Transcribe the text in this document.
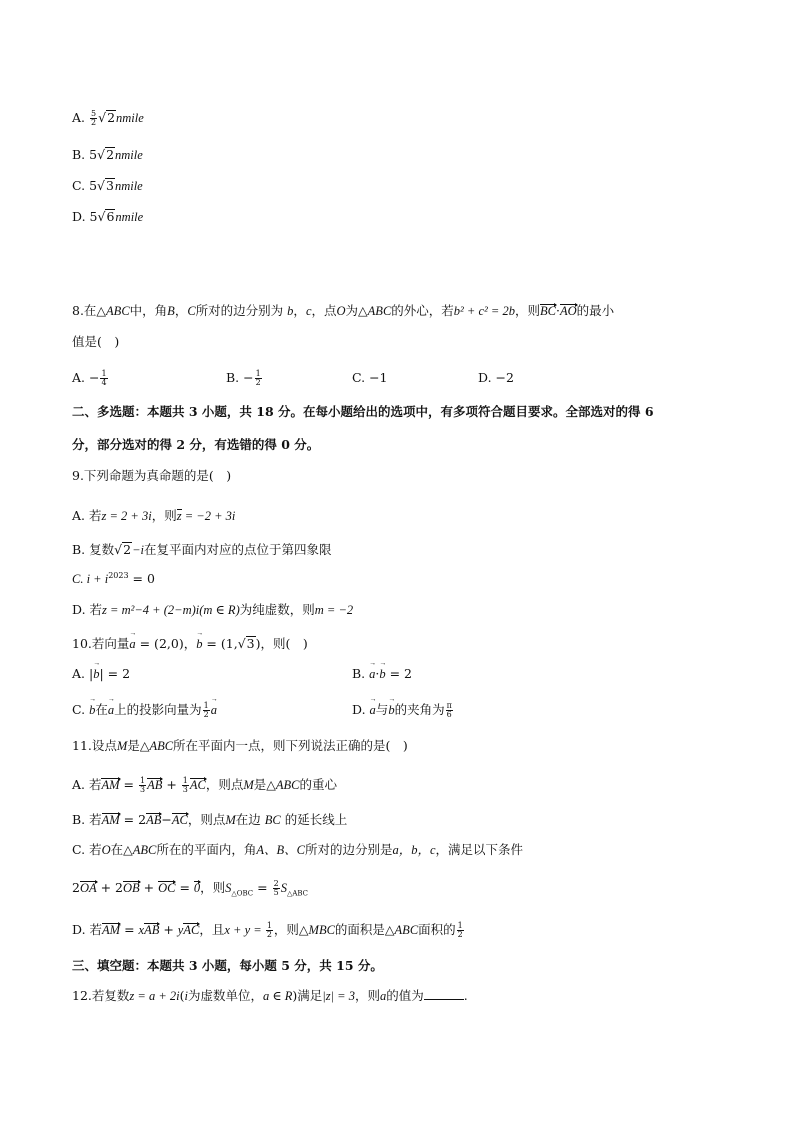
A. $\frac{5}{2}$ √2nmile
B. 5√2nmile
C. 5√3nmile
D. 5√6nmile
8.在△ABC中，角B，C所对的边分别为 b，c，点O为△ABC的外心，若b² + c² = 2b，则BC·AO的最小
值是(　)
A. − $\frac{1}{4}$	B. − $\frac{1}{2}$	C. −1	D. −2
二、多选题：本题共 3 小题，共 18 分。在每小题给出的选项中，有多项符合题目要求。全部选对的得 6
分，部分选对的得 2 分，有选错的得 0 分。
9.下列命题为真命题的是(　)
A. 若z = 2 + 3i，则z = −2 + 3i
B. 复数√2−i在复平面内对应的点位于第四象限
C. $i + i^{2023} = 0$
D. 若z = m²−4 + (2−m)i(m ∈ R)为纯虚数，则m = −2
10.若向量→ a = (2,0)，→ b = (1,√3)，则(　)
A. |→ b| = 2	B. → a·→ b = 2
C. → b在→ a上的投影向量为 $\frac{1}{2}$
→ a	D. → a与→ b的夹角为 $\frac{\pi}{6}$
11.设点M是△ABC所在平面内一点，则下列说法正确的是(　)
A. 若AM = $\frac{1}{3}$ AB + $\frac{1}{3}$ AC，则点M是△ABC的重心
B. 若AM = 2AB−AC，则点M在边 BC 的延长线上
C. 若O在△ABC所在的平面内，角A、B、C所对的边分别是a，b，c，满足以下条件
2OA + 2OB + OC = 0，则$S_{\triangle OBC} = \frac{2}{5} S_{\triangle ABC}$
D. 若AM = xAB + yAC，且$x + y = \frac{1}{2}$ ，则△MBC的面积是△ABC面积的 $\frac{1}{2}$
三、填空题：本题共 3 小题，每小题 5 分，共 15 分。
12.若复数z = a + 2i(i为虚数单位，a ∈ R)满足|z| = 3，则a的值为	.
